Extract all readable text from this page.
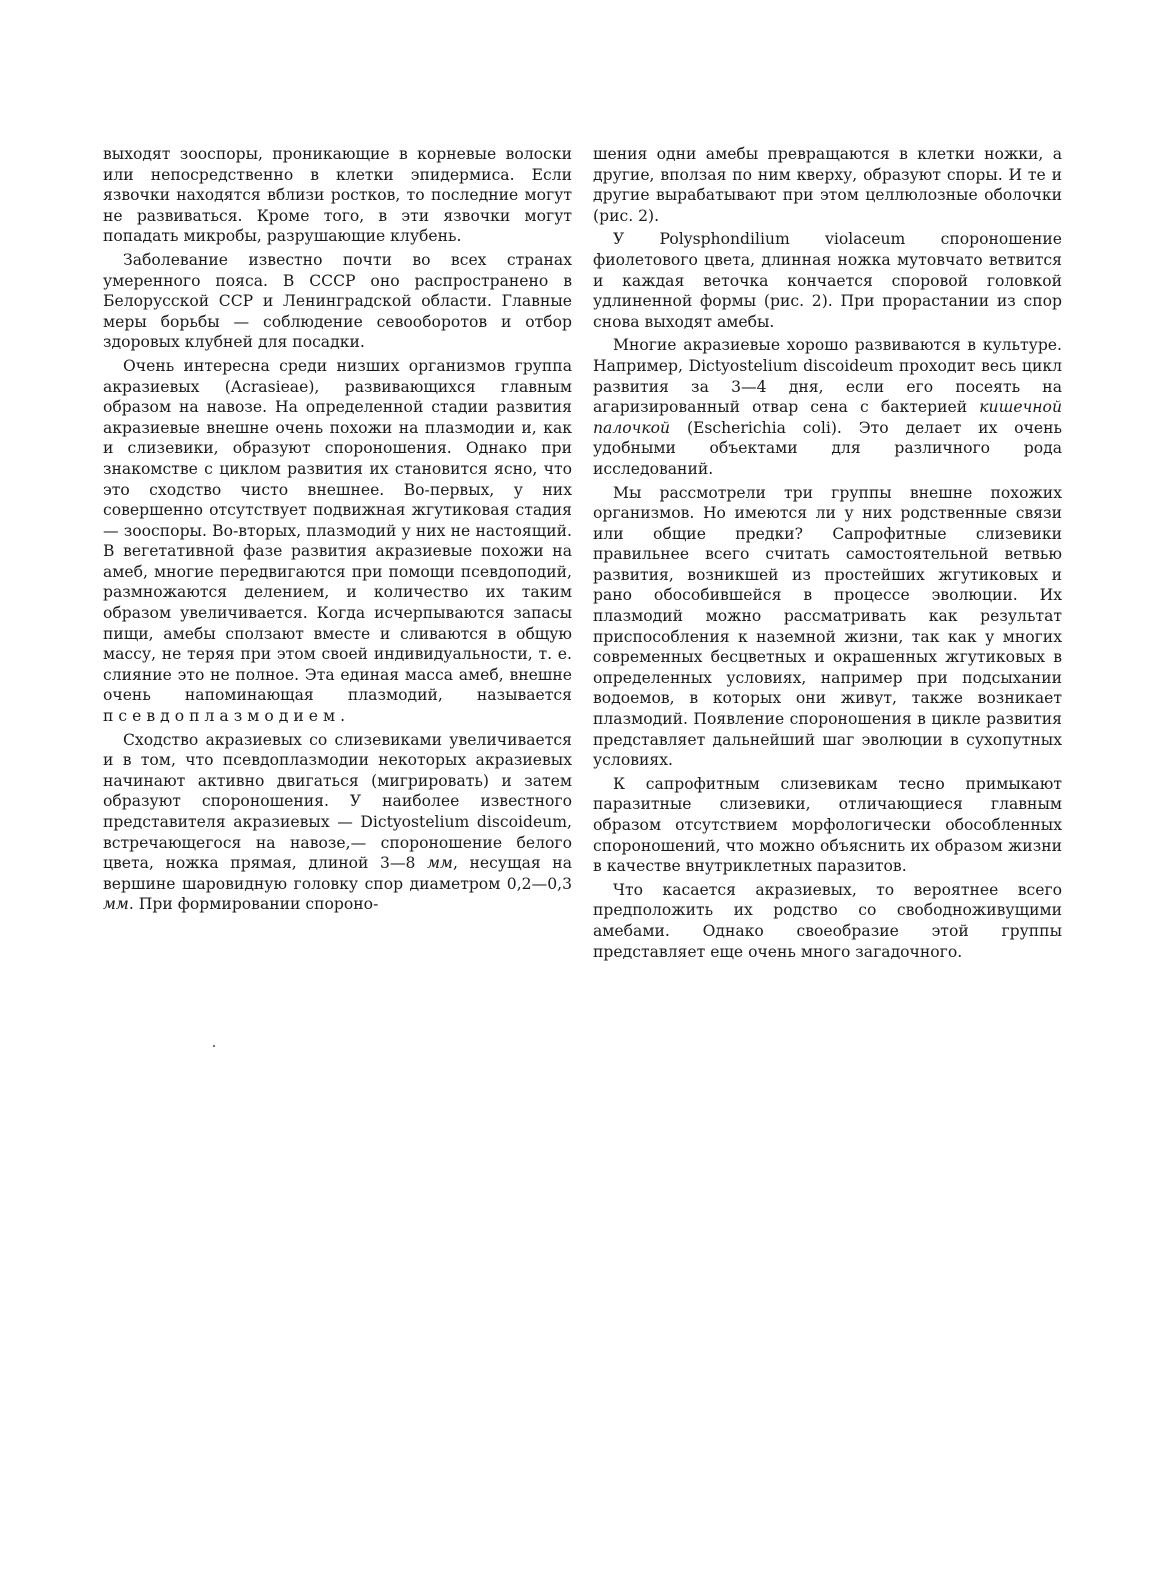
выходят зооспоры, проникающие в корневые волоски или непосредственно в клетки эпидермиса. Если язвочки находятся вблизи ростков, то последние могут не развиваться. Кроме того, в эти язвочки могут попадать микробы, разрушающие клубень.

Заболевание известно почти во всех странах умеренного пояса. В СССР оно распространено в Белорусской ССР и Ленинградской области. Главные меры борьбы — соблюдение севооборотов и отбор здоровых клубней для посадки.

Очень интересна среди низших организмов группа акразиевых (Acrasieae), развивающихся главным образом на навозе. На определенной стадии развития акразиевые внешне очень похожи на плазмодии и, как и слизевики, образуют спороношения. Однако при знакомстве с циклом развития их становится ясно, что это сходство чисто внешнее. Во-первых, у них совершенно отсутствует подвижная жгутиковая стадия — зооспоры. Во-вторых, плазмодий у них не настоящий. В вегетативной фазе развития акразиевые похожи на амеб, многие передвигаются при помощи псевдоподий, размножаются делением, и количество их таким образом увеличивается. Когда исчерпываются запасы пищи, амебы сползают вместе и сливаются в общую массу, не теряя при этом своей индивидуальности, т. е. слияние это не полное. Эта единая масса амеб, внешне очень напоминающая плазмодий, называется псевдоплазмодием.

Сходство акразиевых со слизевиками увеличивается и в том, что псевдоплазмодии некоторых акразиевых начинают активно двигаться (мигрировать) и затем образуют спороношения. У наиболее известного представителя акразиевых — Dictyostelium discoideum, встречающегося на навозе,— спороношение белого цвета, ножка прямая, длиной 3—8 мм, несущая на вершине шаровидную головку спор диаметром 0,2—0,3 мм. При формировании спороно-

шения одни амебы превращаются в клетки ножки, а другие, вползая по ним кверху, образуют споры. И те и другие вырабатывают при этом целлюлозные оболочки (рис. 2).

У Polysphondilium violaceum спороношение фиолетового цвета, длинная ножка мутовчато ветвится и каждая веточка кончается споровой головкой удлиненной формы (рис. 2). При прорастании из спор снова выходят амебы.

Многие акразиевые хорошо развиваются в культуре. Например, Dictyostelium discoideum проходит весь цикл развития за 3—4 дня, если его посеять на агаризированный отвар сена с бактерией кишечной палочкой (Escherichia coli). Это делает их очень удобными объектами для различного рода исследований.

Мы рассмотрели три группы внешне похожих организмов. Но имеются ли у них родственные связи или общие предки? Сапрофитные слизевики правильнее всего считать самостоятельной ветвью развития, возникшей из простейших жгутиковых и рано обособившейся в процессе эволюции. Их плазмодий можно рассматривать как результат приспособления к наземной жизни, так как у многих современных бесцветных и окрашенных жгутиковых в определенных условиях, например при подсыхании водоемов, в которых они живут, также возникает плазмодий. Появление спороношения в цикле развития представляет дальнейший шаг эволюции в сухопутных условиях.

К сапрофитным слизевикам тесно примыкают паразитные слизевики, отличающиеся главным образом отсутствием морфологически обособленных спороношений, что можно объяснить их образом жизни в качестве внутриклетных паразитов.

Что касается акразиевых, то вероятнее всего предположить их родство со свободноживущими амебами. Однако своеобразие этой группы представляет еще очень много загадочного.
